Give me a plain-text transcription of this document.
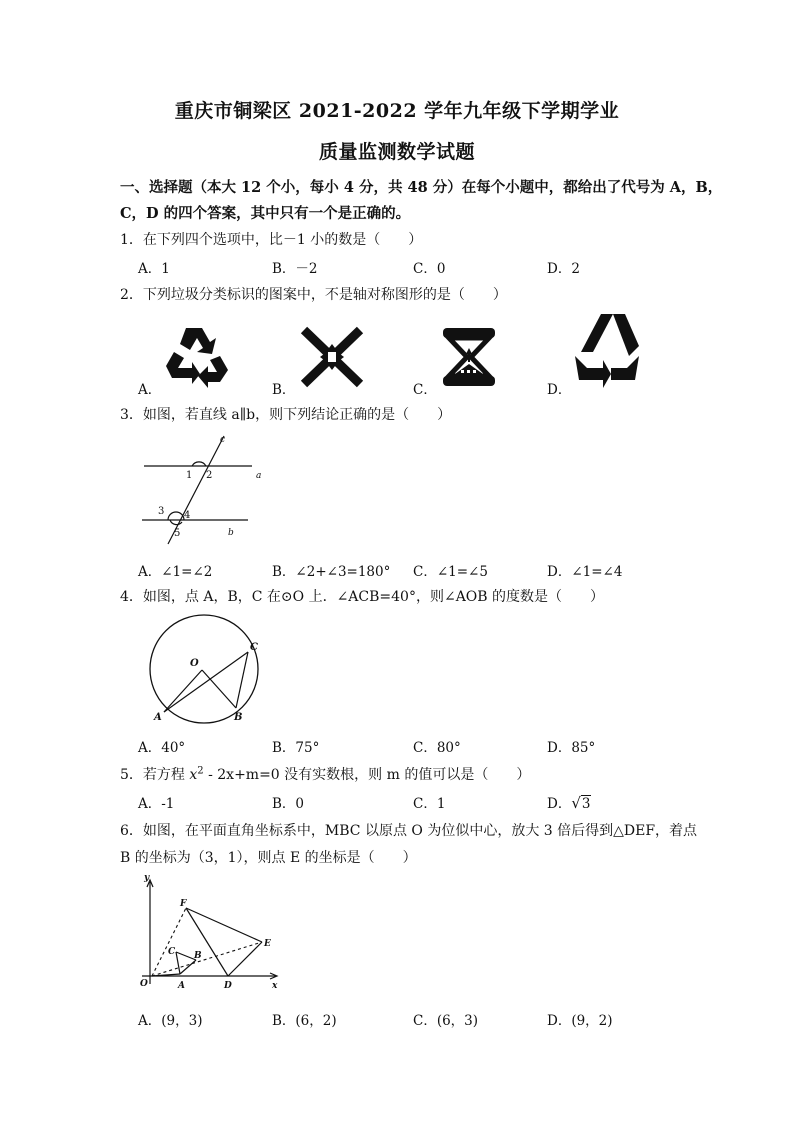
重庆市铜梁区 2021-2022 学年九年级下学期学业
质量监测数学试题
一、选择题（本大 12 个小，每小 4 分，共 48 分）在每个小题中，都给出了代号为 A，B，
C，D 的四个答案，其中只有一个是正确的。
1．在下列四个选项中，比－1 小的数是（　　）
A．1	B．－2	C．0	D．2
2．下列垃圾分类标识的图案中，不是轴对称图形的是（　　）
A．	B．	C．	D．
3．如图，若直线 a∥b，则下列结论正确的是（　　）
c
a
b
1 2
3 4
5
A．∠1=∠2	B．∠2+∠3=180° C．∠1=∠5	D．∠1=∠4
4．如图，点 A，B，C 在⊙O 上．∠ACB=40°，则∠AOB 的度数是（　　）
O
A	B
C
A．40°	B．75°	C．80°	D．85°
5．若方程 $x^2 - 2x+m=0$ 没有实数根，则 m 的值可以是（　　）
A．-1	B．0	C．1	D．√3
6．如图，在平面直角坐标系中，MBC 以原点 O 为位似中心，放大 3 倍后得到△DEF，着点
B 的坐标为（3，1），则点 E 的坐标是（　　）
y
x
O	A
B
C
D
E
F
A．(9，3)	B．(6，2)	C．(6，3)	D．(9，2)
